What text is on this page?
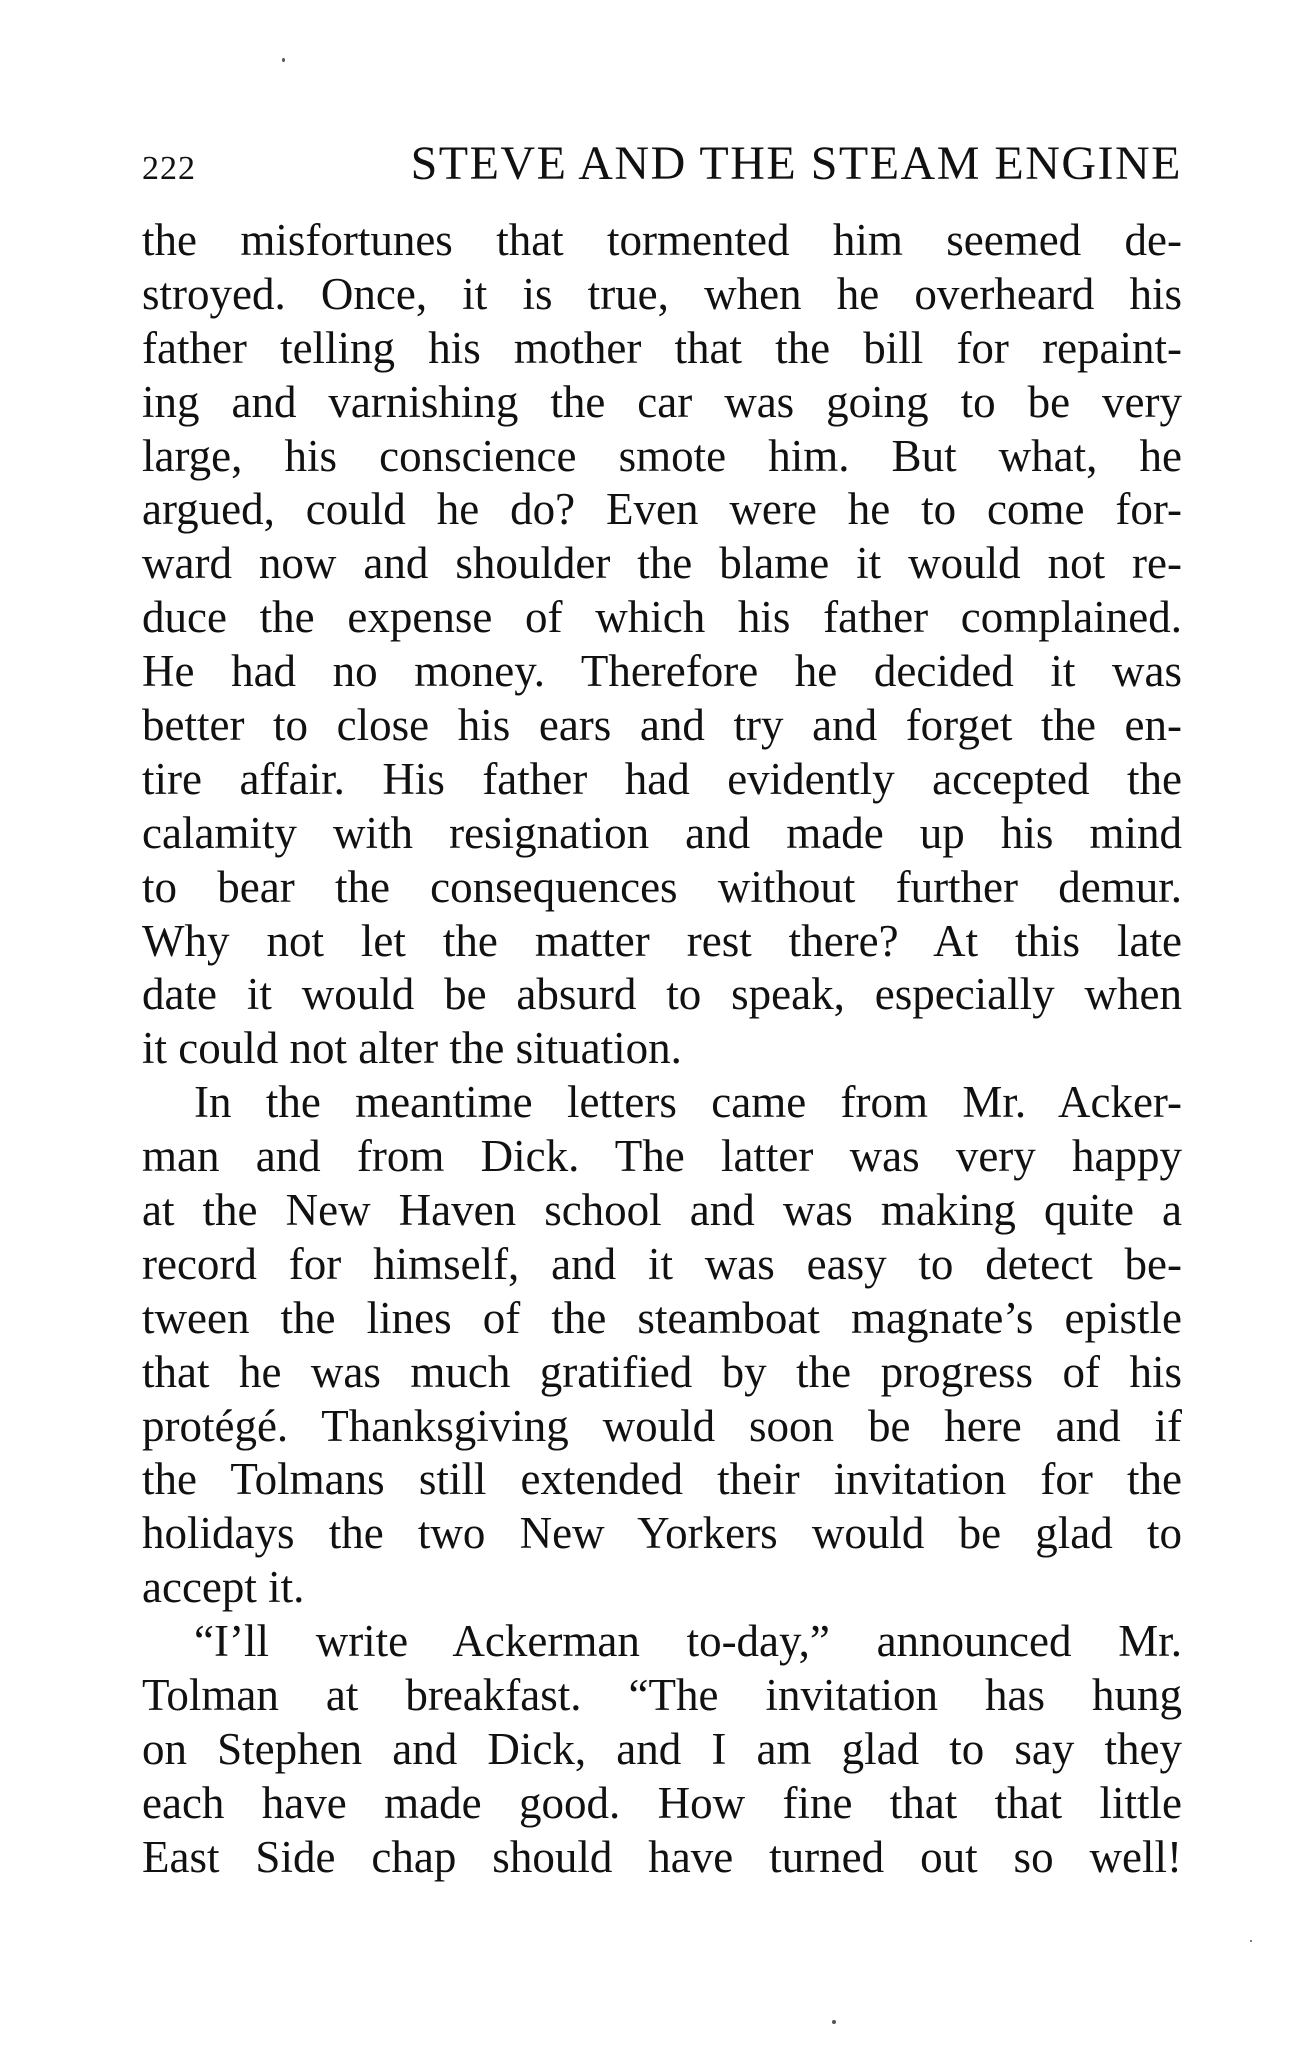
222	STEVE AND THE STEAM ENGINE
the misfortunes that tormented him seemed de-
stroyed. Once, it is true, when he overheard his
father telling his mother that the bill for repaint-
ing and varnishing the car was going to be very
large, his conscience smote him. But what, he
argued, could he do? Even were he to come for-
ward now and shoulder the blame it would not re-
duce the expense of which his father complained.
He had no money. Therefore he decided it was
better to close his ears and try and forget the en-
tire affair. His father had evidently accepted the
calamity with resignation and made up his mind
to bear the consequences without further demur.
Why not let the matter rest there? At this late
date it would be absurd to speak, especially when
it could not alter the situation.
In the meantime letters came from Mr. Acker-
man and from Dick. The latter was very happy
at the New Haven school and was making quite a
record for himself, and it was easy to detect be-
tween the lines of the steamboat magnate’s epistle
that he was much gratified by the progress of his
protégé. Thanksgiving would soon be here and if
the Tolmans still extended their invitation for the
holidays the two New Yorkers would be glad to
accept it.
“I’ll write Ackerman to-day,” announced Mr.
Tolman at breakfast. “The invitation has hung
on Stephen and Dick, and I am glad to say they
each have made good. How fine that that little
East Side chap should have turned out so well!
